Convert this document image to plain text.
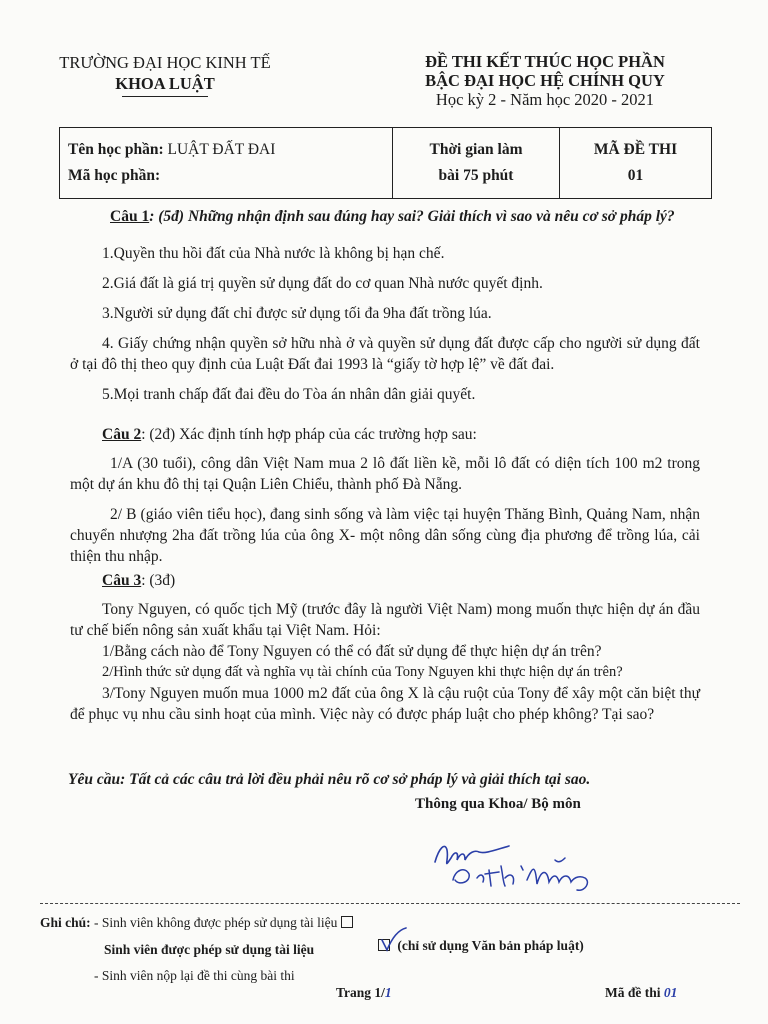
TRƯỜNG ĐẠI HỌC KINH TẾ
KHOA LUẬT
ĐỀ THI KẾT THÚC HỌC PHẦN
BẬC ĐẠI HỌC HỆ CHÍNH QUY
Học kỳ 2 - Năm học 2020 - 2021
Tên học phần: LUẬT ĐẤT ĐAI
Mã học phần:

Thời gian làm
bài 75 phút

MÃ ĐỀ THI
01
Câu 1: (5đ) Những nhận định sau đúng hay sai? Giải thích vì sao và nêu cơ sở pháp lý?
1.Quyền thu hồi đất của Nhà nước là không bị hạn chế.
2.Giá đất là giá trị quyền sử dụng đất do cơ quan Nhà nước quyết định.
3.Người sử dụng đất chỉ được sử dụng tối đa 9ha đất trồng lúa.
4. Giấy chứng nhận quyền sở hữu nhà ở và quyền sử dụng đất được cấp cho người sử dụng đất ở tại đô thị theo quy định của Luật Đất đai 1993 là “giấy tờ hợp lệ” về đất đai.
5.Mọi tranh chấp đất đai đều do Tòa án nhân dân giải quyết.
Câu 2: (2đ) Xác định tính hợp pháp của các trường hợp sau:
1/A (30 tuổi), công dân Việt Nam mua 2 lô đất liền kề, mỗi lô đất có diện tích 100 m2 trong một dự án khu đô thị tại Quận Liên Chiểu, thành phố Đà Nẵng.
2/ B (giáo viên tiểu học), đang sinh sống và làm việc tại huyện Thăng Bình, Quảng Nam, nhận chuyển nhượng 2ha đất trồng lúa của ông X- một nông dân sống cùng địa phương để trồng lúa, cải thiện thu nhập.
Câu 3: (3đ)
Tony Nguyen, có quốc tịch Mỹ (trước đây là người Việt Nam) mong muốn thực hiện dự án đầu tư chế biến nông sản xuất khẩu tại Việt Nam. Hỏi:
1/Bằng cách nào để Tony Nguyen có thể có đất sử dụng để thực hiện dự án trên?
2/Hình thức sử dụng đất và nghĩa vụ tài chính của Tony Nguyen khi thực hiện dự án trên?
3/Tony Nguyen muốn mua 1000 m2 đất của ông X là cậu ruột của Tony để xây một căn biệt thự để phục vụ nhu cầu sinh hoạt của mình. Việc này có được pháp luật cho phép không? Tại sao?
Yêu cầu: Tất cả các câu trả lời đều phải nêu rõ cơ sở pháp lý và giải thích tại sao.
Thông qua Khoa/ Bộ môn
Ghi chú: - Sinh viên không được phép sử dụng tài liệu
Sinh viên được phép sử dụng tài liệu
	(chỉ sử dụng Văn bản pháp luật)
- Sinh viên nộp lại đề thi cùng bài thi
Trang 1/1	Mã đề thi 01
